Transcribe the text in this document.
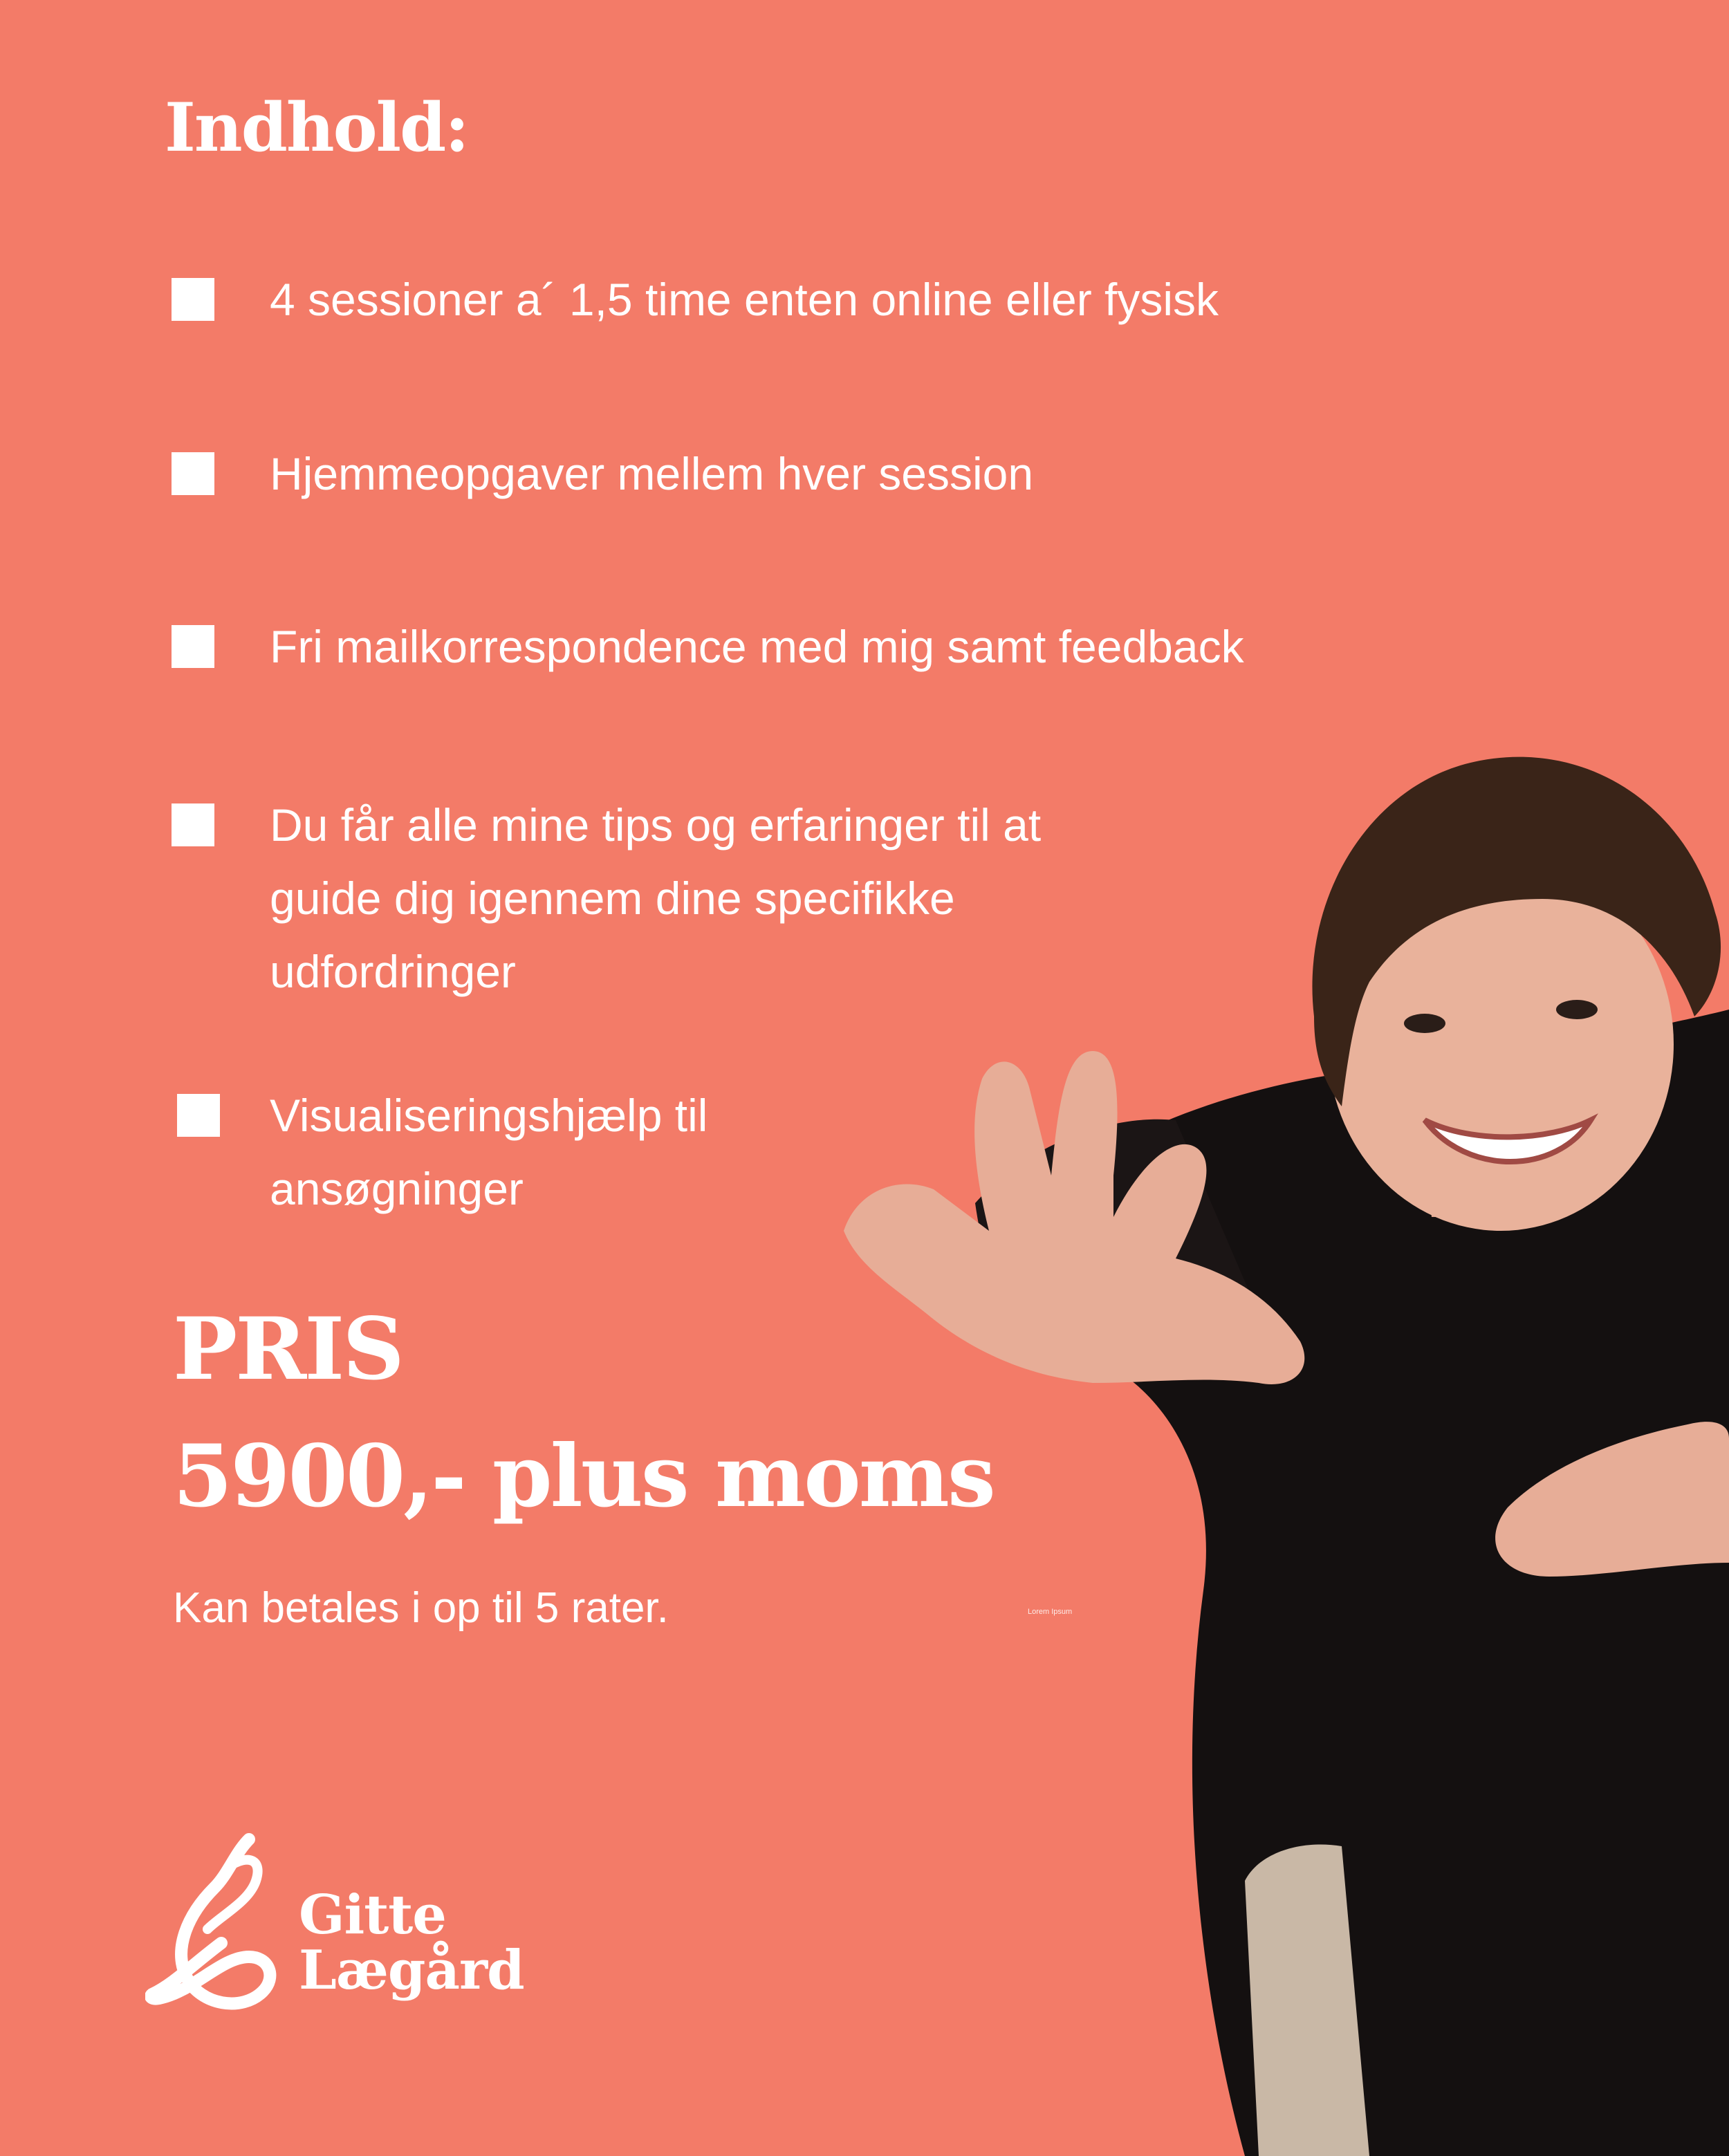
Indhold:
4 sessioner a´ 1,5 time enten online eller fysisk
Hjemmeopgaver mellem hver session
Fri mailkorrespondence med mig samt feedback
Du får alle mine tips og erfaringer til at
guide dig igennem dine specifikke
udfordringer
Visualiseringshjælp til
ansøgninger
PRIS
5900,- plus moms
Kan betales i op til 5 rater.	Lorem Ipsum
Gitte
Lægård
